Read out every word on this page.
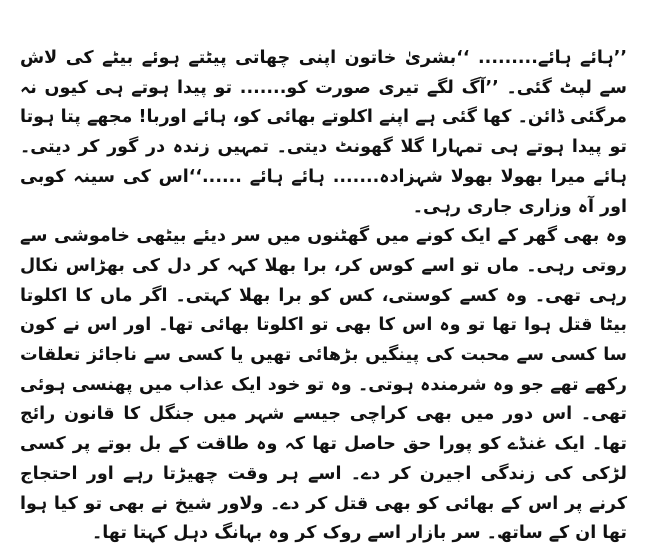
’’ہائے ہائے......... ‘‘بشریٰ خاتون اپنی چھاتی پیٹتے ہوئے بیٹے کی لاش سے لپٹ گئی۔ ’’آگ لگے تیری صورت کو....... تو پیدا ہوتے ہی کیوں نہ مرگئی ڈائن۔ کھا گئی ہے اپنے اکلوتے بھائی کو، ہائے اوربا! مجھے پتا ہوتا تو پیدا ہوتے ہی تمہارا گلا گھونٹ دیتی۔ تمہیں زندہ در گور کر دیتی۔ ہائے میرا بھولا بھولا شہزادہ....... ہائے ہائے ......‘‘اس کی سینہ کوبی اور آہ وزاری جاری رہی۔

وہ بھی گھر کے ایک کونے میں گھٹنوں میں سر دیئے بیٹھی خاموشی سے روتی رہی۔ ماں تو اسے کوس کر، برا بھلا کہہ کر دل کی بھڑاس نکال رہی تھی۔ وہ کسے کوستی، کس کو برا بھلا کہتی۔ اگر ماں کا اکلوتا بیٹا قتل ہوا تھا تو وہ اس کا بھی تو اکلوتا بھائی تھا۔ اور اس نے کون سا کسی سے محبت کی پینگیں بڑھائی تھیں یا کسی سے ناجائز تعلقات رکھے تھے جو وہ شرمندہ ہوتی۔ وہ تو خود ایک عذاب میں پھنسی ہوئی تھی۔ اس دور میں بھی کراچی جیسے شہر میں جنگل کا قانون رائج تھا۔ ایک غنڈے کو پورا حق حاصل تھا کہ وہ طاقت کے بل بوتے پر کسی لڑکی کی زندگی اجیرن کر دے۔ اسے ہر وقت چھیڑتا رہے اور احتجاج کرنے پر اس کے بھائی کو بھی قتل کر دے۔ ولاور شیخ نے بھی تو کیا ہوا تھا ان کے ساتھ۔ سر بازار اسے روک کر وہ بہانگ دہل کہتا تھا۔
